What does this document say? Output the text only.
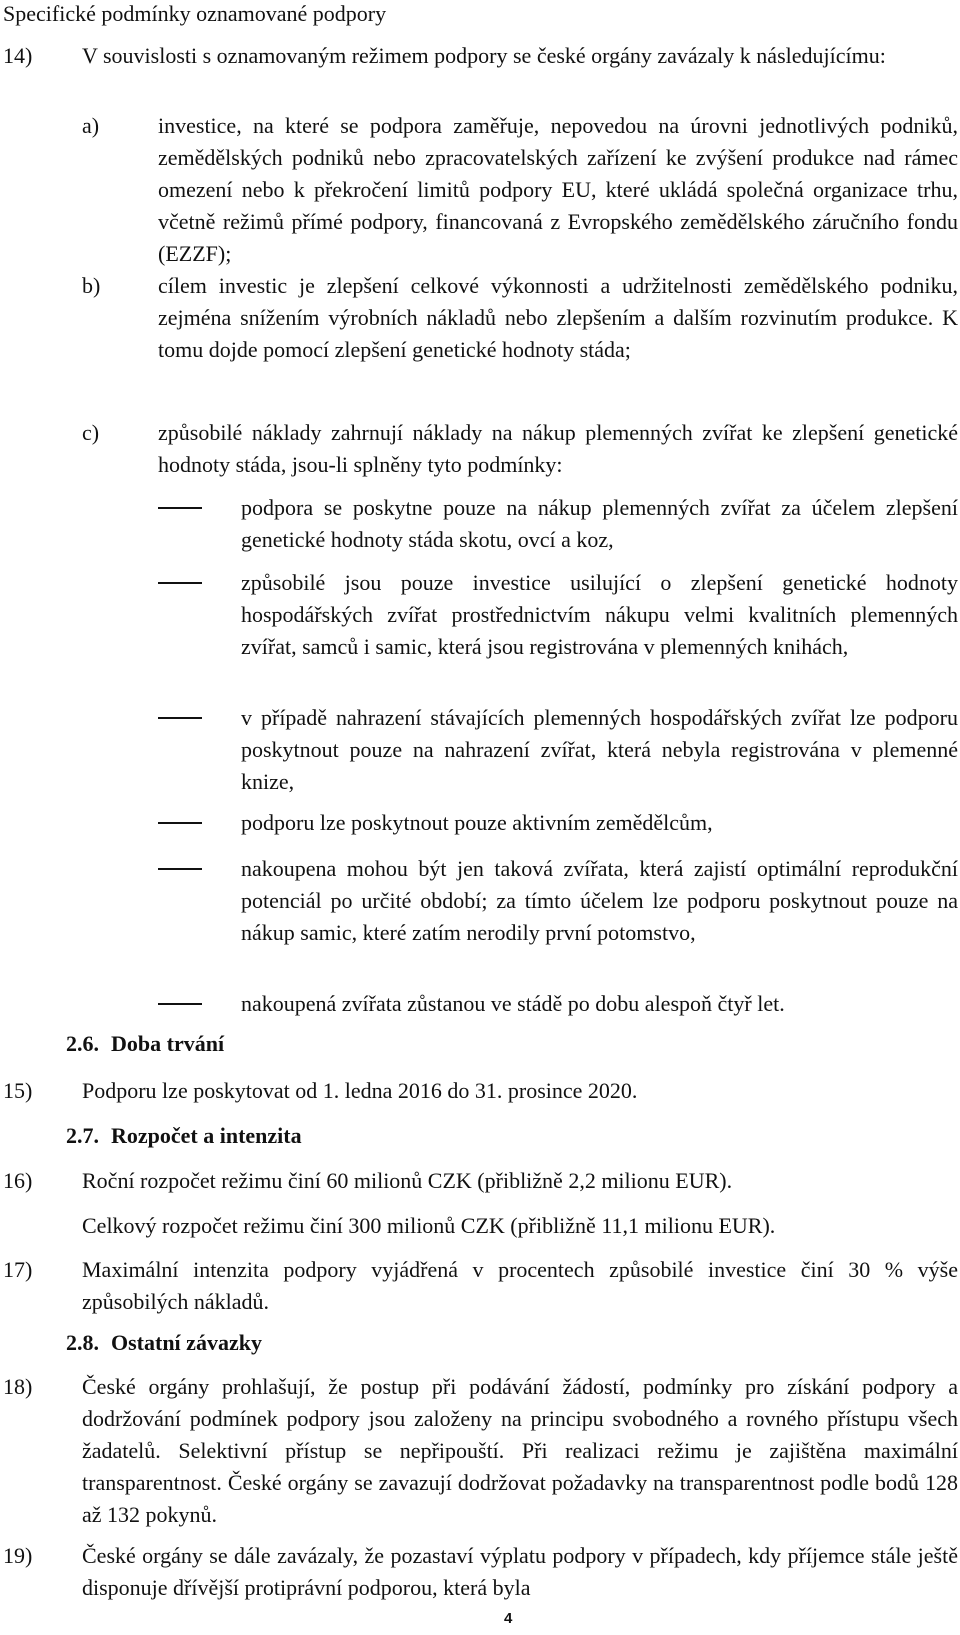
Specifické podmínky oznamované podpory
14) V souvislosti s oznamovaným režimem podpory se české orgány zavázaly k následujícímu:
a)	investice, na které se podpora zaměřuje, nepovedou na úrovni jednotlivých podniků, zemědělských podniků nebo zpracovatelských zařízení ke zvýšení produkce nad rámec omezení nebo k překročení limitů podpory EU, které ukládá společná organizace trhu, včetně režimů přímé podpory, financovaná z Evropského zemědělského záručního fondu (EZZF);
b)	cílem investic je zlepšení celkové výkonnosti a udržitelnosti zemědělského podniku, zejména snížením výrobních nákladů nebo zlepšením a dalším rozvinutím produkce. K tomu dojde pomocí zlepšení genetické hodnoty stáda;
c)	způsobilé náklady zahrnují náklady na nákup plemenných zvířat ke zlepšení genetické hodnoty stáda, jsou-li splněny tyto podmínky:
podpora se poskytne pouze na nákup plemenných zvířat za účelem zlepšení genetické hodnoty stáda skotu, ovcí a koz,
způsobilé jsou pouze investice usilující o zlepšení genetické hodnoty hospodářských zvířat prostřednictvím nákupu velmi kvalitních plemenných zvířat, samců i samic, která jsou registrována v plemenných knihách,
v případě nahrazení stávajících plemenných hospodářských zvířat lze podporu poskytnout pouze na nahrazení zvířat, která nebyla registrována v plemenné knize,
podporu lze poskytnout pouze aktivním zemědělcům,
nakoupena mohou být jen taková zvířata, která zajistí optimální reprodukční potenciál po určité období; za tímto účelem lze podporu poskytnout pouze na nákup samic, které zatím nerodily první potomstvo,
nakoupená zvířata zůstanou ve stádě po dobu alespoň čtyř let.
2.6. Doba trvání
15) Podporu lze poskytovat od 1. ledna 2016 do 31. prosince 2020.
2.7. Rozpočet a intenzita
16) Roční rozpočet režimu činí 60 milionů CZK (přibližně 2,2 milionu EUR).
Celkový rozpočet režimu činí 300 milionů CZK (přibližně 11,1 milionu EUR).
17) Maximální intenzita podpory vyjádřená v procentech způsobilé investice činí 30 % výše způsobilých nákladů.
2.8. Ostatní závazky
18) České orgány prohlašují, že postup při podávání žádostí, podmínky pro získání podpory a dodržování podmínek podpory jsou založeny na principu svobodného a rovného přístupu všech žadatelů. Selektivní přístup se nepřipouští. Při realizaci režimu je zajištěna maximální transparentnost. České orgány se zavazují dodržovat požadavky na transparentnost podle bodů 128 až 132 pokynů.
19) České orgány se dále zavázaly, že pozastaví výplatu podpory v případech, kdy příjemce stále ještě disponuje dřívější protiprávní podporou, která byla
4
